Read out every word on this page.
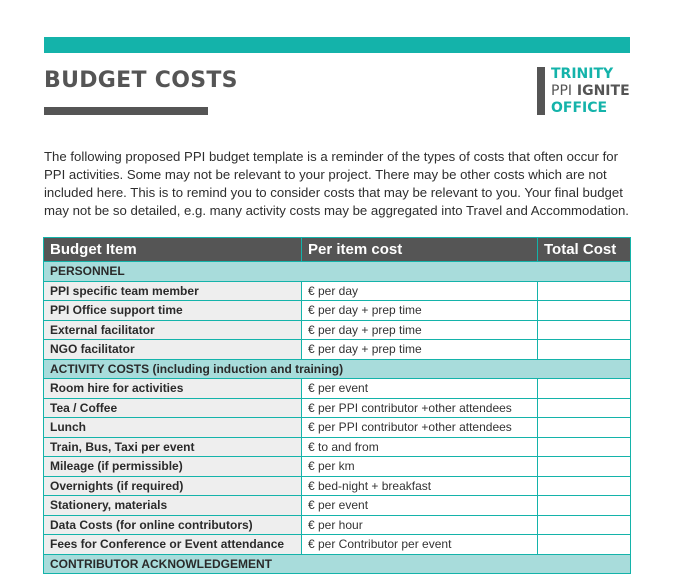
BUDGET COSTS	TRINITY
PPI IGNITE
OFFICE

The following proposed PPI budget template is a reminder of the types of costs that often occur for PPI activities. Some may not be relevant to your project. There may be other costs which are not included here. This is to remind you to consider costs that may be relevant to you. Your final budget may not be so detailed, e.g. many activity costs may be aggregated into Travel and Accommodation.

Budget Item	Per item cost	Total Cost
PERSONNEL		
PPI specific team member	€ per day	
PPI Office support time	€ per day + prep time	
External facilitator	€ per day + prep time	
NGO facilitator	€ per day + prep time	
ACTIVITY COSTS (including induction and training)		
Room hire for activities	€ per event	
Tea / Coffee	€ per PPI contributor +other attendees	
Lunch	€ per PPI contributor +other attendees	
Train, Bus, Taxi per event	€ to and from	
Mileage (if permissible)	€ per km	
Overnights (if required)	€ bed-night + breakfast	
Stationery, materials	€ per event	
Data Costs (for online contributors)	€ per hour	
Fees for Conference or Event attendance	€ per Contributor per event	
CONTRIBUTOR ACKNOWLEDGEMENT		
